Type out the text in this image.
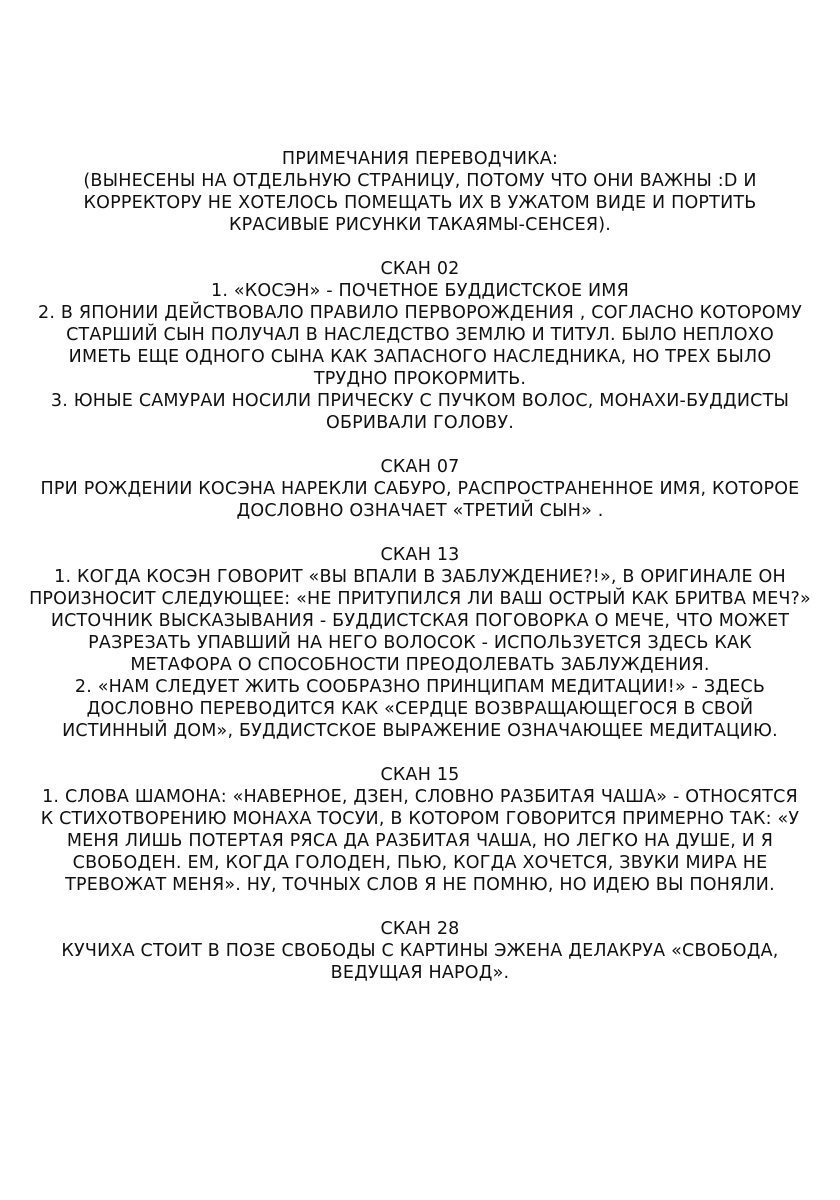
ПРИМЕЧАНИЯ ПЕРЕВОДЧИКА:

(ВЫНЕСЕНЫ НА ОТДЕЛЬНУЮ СТРАНИЦУ, ПОТОМУ ЧТО ОНИ ВАЖНЫ :D И
КОРРЕКТОРУ НЕ ХОТЕЛОСЬ ПОМЕЩАТЬ ИХ В УЖАТОМ ВИДЕ И ПОРТИТЬ
КРАСИВЫЕ РИСУНКИ ТАКАЯМЫ-СЕНСЕЯ).

СКАН 02

1. «КОСЭН» - ПОЧЕТНОЕ БУДДИСТСКОЕ ИМЯ
2. В ЯПОНИИ ДЕЙСТВОВАЛО ПРАВИЛО ПЕРВОРОЖДЕНИЯ , СОГЛАСНО КОТОРОМУ
СТАРШИЙ СЫН ПОЛУЧАЛ В НАСЛЕДСТВО ЗЕМЛЮ И ТИТУЛ. БЫЛО НЕПЛОХО
ИМЕТЬ ЕЩЕ ОДНОГО СЫНА КАК ЗАПАСНОГО НАСЛЕДНИКА, НО ТРЕХ БЫЛО
ТРУДНО ПРОКОРМИТЬ.
3. ЮНЫЕ САМУРАИ НОСИЛИ ПРИЧЕСКУ С ПУЧКОМ ВОЛОС, МОНАХИ-БУДДИСТЫ
ОБРИВАЛИ ГОЛОВУ.

СКАН 07

ПРИ РОЖДЕНИИ КОСЭНА НАРЕКЛИ САБУРО, РАСПРОСТРАНЕННОЕ ИМЯ, КОТОРОЕ
ДОСЛОВНО ОЗНАЧАЕТ «ТРЕТИЙ СЫН» .

СКАН 13

1. КОГДА КОСЭН ГОВОРИТ «ВЫ ВПАЛИ В ЗАБЛУЖДЕНИЕ?!», В ОРИГИНАЛЕ ОН
ПРОИЗНОСИТ СЛЕДУЮЩЕЕ: «НЕ ПРИТУПИЛСЯ ЛИ ВАШ ОСТРЫЙ КАК БРИТВА МЕЧ?»
ИСТОЧНИК ВЫСКАЗЫВАНИЯ - БУДДИСТСКАЯ ПОГОВОРКА О МЕЧЕ, ЧТО МОЖЕТ
РАЗРЕЗАТЬ УПАВШИЙ НА НЕГО ВОЛОСОК - ИСПОЛЬЗУЕТСЯ ЗДЕСЬ КАК
МЕТАФОРА О СПОСОБНОСТИ ПРЕОДОЛЕВАТЬ ЗАБЛУЖДЕНИЯ.
2. «НАМ СЛЕДУЕТ ЖИТЬ СООБРАЗНО ПРИНЦИПАМ МЕДИТАЦИИ!» - ЗДЕСЬ
ДОСЛОВНО ПЕРЕВОДИТСЯ КАК «СЕРДЦЕ ВОЗВРАЩАЮЩЕГОСЯ В СВОЙ
ИСТИННЫЙ ДОМ», БУДДИСТСКОЕ ВЫРАЖЕНИЕ ОЗНАЧАЮЩЕЕ МЕДИТАЦИЮ.

СКАН 15

1. СЛОВА ШАМОНА: «НАВЕРНОЕ, ДЗЕН, СЛОВНО РАЗБИТАЯ ЧАША» - ОТНОСЯТСЯ
К СТИХОТВОРЕНИЮ МОНАХА ТОСУИ, В КОТОРОМ ГОВОРИТСЯ ПРИМЕРНО ТАК: «У
МЕНЯ ЛИШЬ ПОТЕРТАЯ РЯСА ДА РАЗБИТАЯ ЧАША, НО ЛЕГКО НА ДУШЕ, И Я
СВОБОДЕН. ЕМ, КОГДА ГОЛОДЕН, ПЬЮ, КОГДА ХОЧЕТСЯ, ЗВУКИ МИРА НЕ
ТРЕВОЖАТ МЕНЯ». НУ, ТОЧНЫХ СЛОВ Я НЕ ПОМНЮ, НО ИДЕЮ ВЫ ПОНЯЛИ.

СКАН 28

КУЧИХА СТОИТ В ПОЗЕ СВОБОДЫ С КАРТИНЫ ЭЖЕНА ДЕЛАКРУА «СВОБОДА,
ВЕДУЩАЯ НАРОД».
